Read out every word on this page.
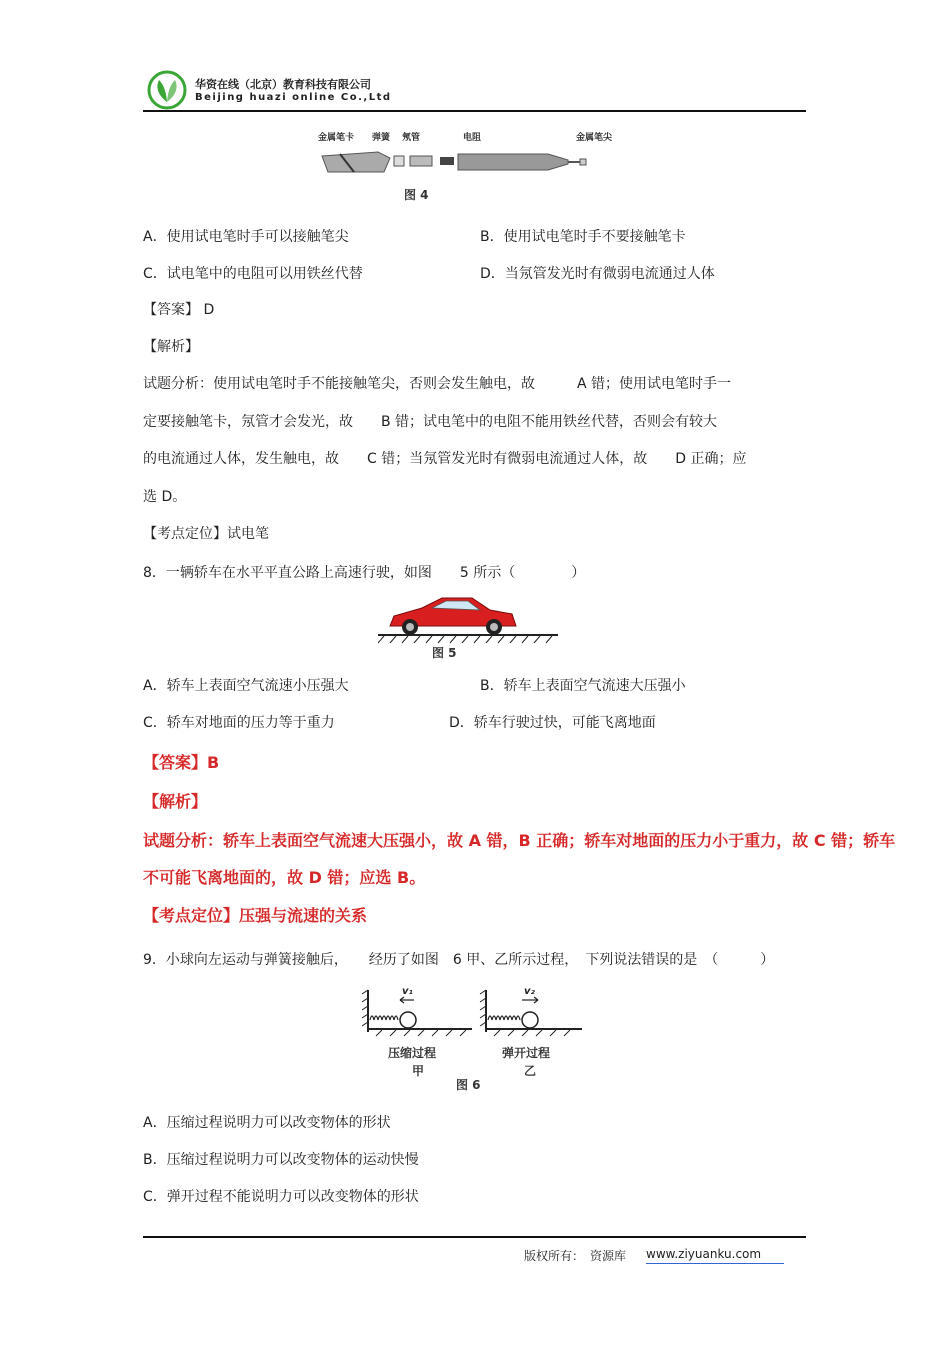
华资在线（北京）教育科技有限公司
Beijing huazi online Co.,Ltd
金属笔卡 弹簧 氖管	电阻	金属笔尖
图 4
A．使用试电笔时手可以接触笔尖	B．使用试电笔时手不要接触笔卡
C．试电笔中的电阻可以用铁丝代替	D．当氖管发光时有微弱电流通过人体
【答案】 D
【解析】
试题分析：使用试电笔时手不能接触笔尖，否则会发生触电，故　　　A 错；使用试电笔时手一
定要接触笔卡，氖管才会发光，故　　B 错；试电笔中的电阻不能用铁丝代替，否则会有较大
的电流通过人体，发生触电，故　　C 错；当氖管发光时有微弱电流通过人体，故　　D 正确；应
选 D。
【考点定位】试电笔
8．一辆轿车在水平平直公路上高速行驶，如图　　5 所示（　　　　）
图 5
A．轿车上表面空气流速小压强大	B．轿车上表面空气流速大压强小
C．轿车对地面的压力等于重力	D．轿车行驶过快，可能飞离地面
【答案】B
【解析】
试题分析：轿车上表面空气流速大压强小，故 A 错，B 正确；轿车对地面的压力小于重力，故 C 错；轿车
不可能飞离地面的，故 D 错；应选 B。
【考点定位】压强与流速的关系
9．小球向左运动与弹簧接触后，　　经历了如图　6 甲、乙所示过程，　下列说法错误的是　（　　　）
v₁	v₂
压缩过程
甲
弹开过程
乙
图 6
A．压缩过程说明力可以改变物体的形状
B．压缩过程说明力可以改变物体的运动快慢
C．弹开过程不能说明力可以改变物体的形状
版权所有：　资源库 www.ziyuanku.com
